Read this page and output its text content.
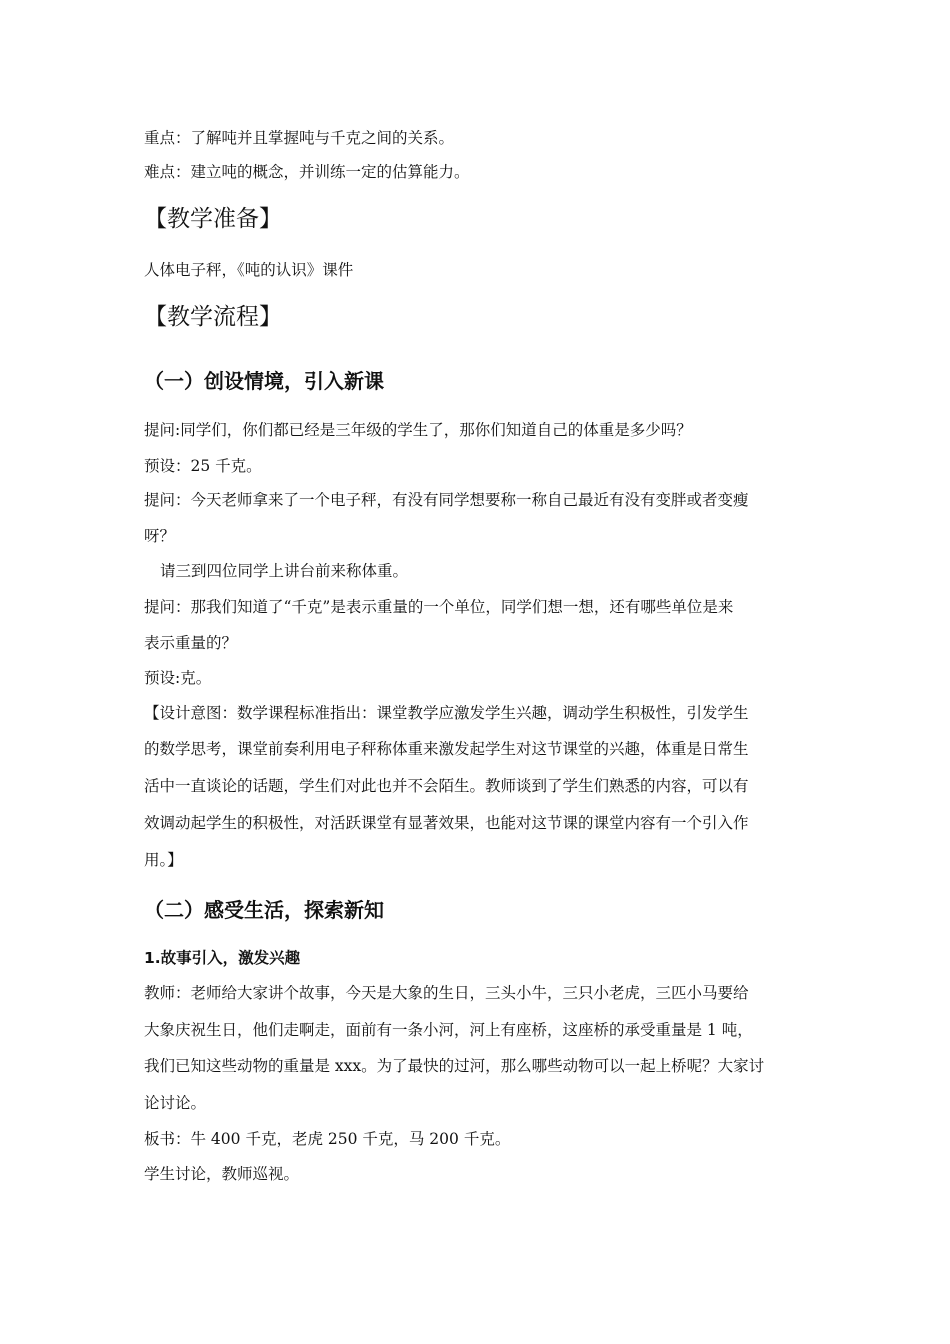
重点：了解吨并且掌握吨与千克之间的关系。
难点：建立吨的概念，并训练一定的估算能力。
【教学准备】
人体电子秤，《吨的认识》课件
【教学流程】
（一）创设情境，引入新课
提问:同学们，你们都已经是三年级的学生了，那你们知道自己的体重是多少吗？
预设：25 千克。
提问：今天老师拿来了一个电子秤，有没有同学想要称一称自己最近有没有变胖或者变瘦
呀？
请三到四位同学上讲台前来称体重。
提问：那我们知道了“千克”是表示重量的一个单位，同学们想一想，还有哪些单位是来
表示重量的？
预设:克。
【设计意图：数学课程标准指出：课堂教学应激发学生兴趣，调动学生积极性，引发学生
的数学思考，课堂前奏利用电子秤称体重来激发起学生对这节课堂的兴趣，体重是日常生
活中一直谈论的话题，学生们对此也并不会陌生。教师谈到了学生们熟悉的内容，可以有
效调动起学生的积极性，对活跃课堂有显著效果，也能对这节课的课堂内容有一个引入作
用。】
（二）感受生活，探索新知
1.故事引入，激发兴趣
教师：老师给大家讲个故事，今天是大象的生日，三头小牛，三只小老虎，三匹小马要给
大象庆祝生日，他们走啊走，面前有一条小河，河上有座桥，这座桥的承受重量是 1 吨，
我们已知这些动物的重量是 xxx。为了最快的过河，那么哪些动物可以一起上桥呢？大家讨
论讨论。
板书：牛 400 千克，老虎 250 千克，马 200 千克。
学生讨论，教师巡视。
